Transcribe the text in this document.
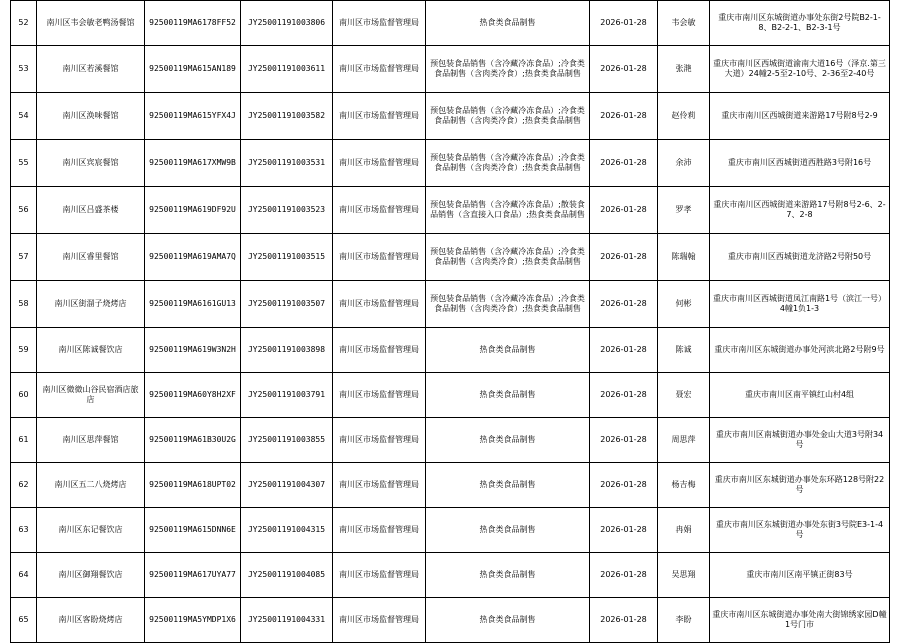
52	南川区韦会敏老鸭汤餐馆	92500119MA6178FF52	JY25001191003806	南川区市场监督管理局	热食类食品制售	2026-01-28	韦会敏	重庆市南川区东城街道办事处东街2号院B2-1-8、B2-2-1、B2-3-1号
53	南川区若溪餐馆	92500119MA615AN189	JY25001191003611	南川区市场监督管理局	预包装食品销售（含冷藏冷冻食品）;冷食类食品制售（含肉类冷食）;热食类食品制售	2026-01-28	张滟	重庆市南川区西城街道渝南大道16号（泽京.第三大道）24幢2-5至2-10号、2-36至2-40号
54	南川区涣味餐馆	92500119MA615YFX4J	JY25001191003582	南川区市场监督管理局	预包装食品销售（含冷藏冷冻食品）;冷食类食品制售（含肉类冷食）;热食类食品制售	2026-01-28	赵伶莉	重庆市南川区西城街道来游路17号附8号2-9
55	南川区宾宸餐馆	92500119MA617XMW9B	JY25001191003531	南川区市场监督管理局	预包装食品销售（含冷藏冷冻食品）;冷食类食品制售（含肉类冷食）;热食类食品制售	2026-01-28	余沛	重庆市南川区西城街道西胜路3号附16号
56	南川区吕盛茶楼	92500119MA619DF92U	JY25001191003523	南川区市场监督管理局	预包装食品销售（含冷藏冷冻食品）;散装食品销售（含直接入口食品）;热食类食品制售	2026-01-28	罗孝	重庆市南川区西城街道来游路17号附8号2-6、2-7、2-8
57	南川区睿里餐馆	92500119MA619AMA7Q	JY25001191003515	南川区市场监督管理局	预包装食品销售（含冷藏冷冻食品）;冷食类食品制售（含肉类冷食）;热食类食品制售	2026-01-28	陈瑞翰	重庆市南川区西城街道龙济路2号附50号
58	南川区街溜子烧烤店	92500119MA6161GU13	JY25001191003507	南川区市场监督管理局	预包装食品销售（含冷藏冷冻食品）;冷食类食品制售（含肉类冷食）;热食类食品制售	2026-01-28	何彬	重庆市南川区西城街道凤江南路1号（滨江一号）4幢1负1-3
59	南川区陈诚餐饮店	92500119MA619W3N2H	JY25001191003898	南川区市场监督管理局	热食类食品制售	2026-01-28	陈诚	重庆市南川区东城街道办事处河滨北路2号附9号
60	南川区微微山谷民宿酒店旅店	92500119MA60Y8H2XF	JY25001191003791	南川区市场监督管理局	热食类食品制售	2026-01-28	聂宏	重庆市南川区南平镇红山村4组
61	南川区思萍餐馆	92500119MA61B30U2G	JY25001191003855	南川区市场监督管理局	热食类食品制售	2026-01-28	周思萍	重庆市南川区南城街道办事处金山大道3号附34号
62	南川区五二八烧烤店	92500119MA618UPT02	JY25001191004307	南川区市场监督管理局	热食类食品制售	2026-01-28	杨吉梅	重庆市南川区东城街道办事处东环路128号附22号
63	南川区东记餐饮店	92500119MA615DNN6E	JY25001191004315	南川区市场监督管理局	热食类食品制售	2026-01-28	冉娟	重庆市南川区东城街道办事处东街3号院E3-1-4号
64	南川区御翔餐饮店	92500119MA617UYA77	JY25001191004085	南川区市场监督管理局	热食类食品制售	2026-01-28	吴思翔	重庆市南川区南平镇正街83号
65	南川区客盼烧烤店	92500119MA5YMDP1X6	JY25001191004331	南川区市场监督管理局	热食类食品制售	2026-01-28	李盼	重庆市南川区东城街道办事处南大街锦绣家园D幢1号门市
